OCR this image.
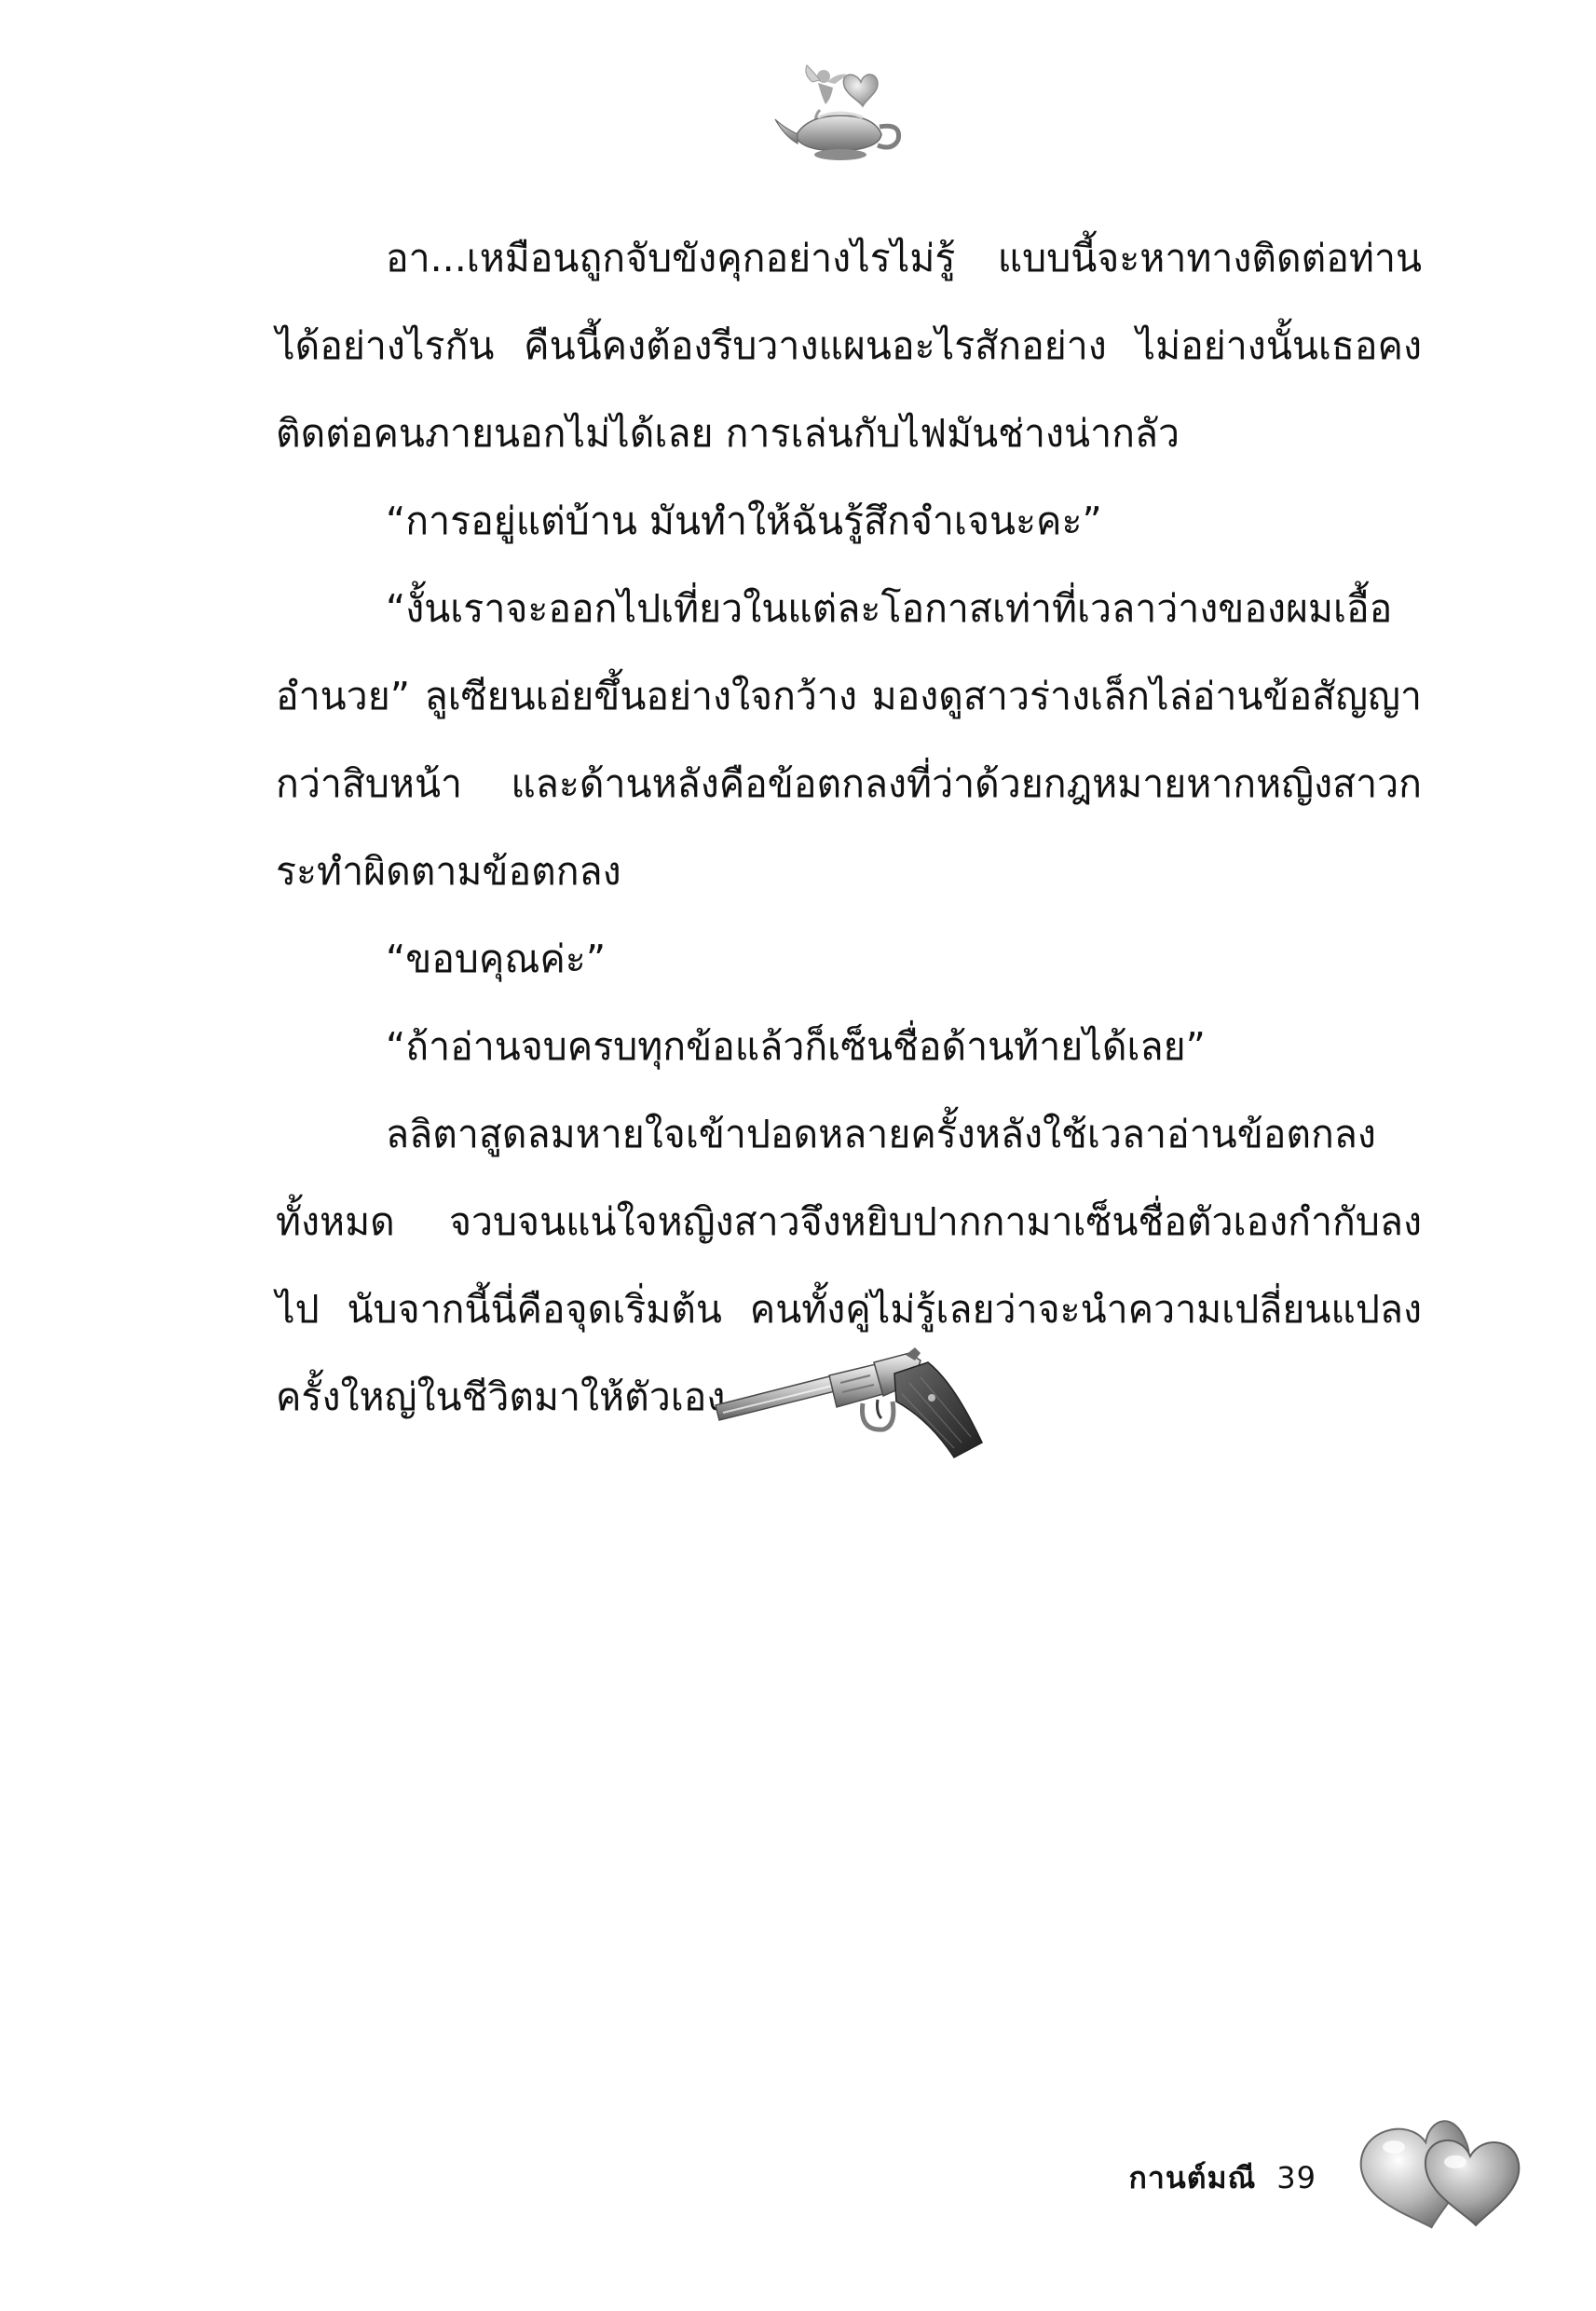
อา...เหมือนถูกจับขังคุกอย่างไรไม่รู้ แบบนี้จะหาทางติดต่อท่านได้อย่างไรกัน คืนนี้คงต้องรีบวางแผนอะไรสักอย่าง ไม่อย่างนั้นเธอคงติดต่อคนภายนอกไม่ได้เลย การเล่นกับไฟมันช่างน่ากลัว

“การอยู่แต่บ้าน มันทำให้ฉันรู้สึกจำเจนะคะ”

“งั้นเราจะออกไปเที่ยวในแต่ละโอกาสเท่าที่เวลาว่างของผมเอื้ออำนวย” ลูเซียนเอ่ยขึ้นอย่างใจกว้าง มองดูสาวร่างเล็กไล่อ่านข้อสัญญากว่าสิบหน้า และด้านหลังคือข้อตกลงที่ว่าด้วยกฎหมายหากหญิงสาวกระทำผิดตามข้อตกลง

“ขอบคุณค่ะ”

“ถ้าอ่านจบครบทุกข้อแล้วก็เซ็นชื่อด้านท้ายได้เลย”

ลลิตาสูดลมหายใจเข้าปอดหลายครั้งหลังใช้เวลาอ่านข้อตกลงทั้งหมด จวบจนแน่ใจหญิงสาวจึงหยิบปากกามาเซ็นชื่อตัวเองกำกับลงไป นับจากนี้นี่คือจุดเริ่มต้น คนทั้งคู่ไม่รู้เลยว่าจะนำความเปลี่ยนแปลงครั้งใหญ่ในชีวิตมาให้ตัวเอง

กานต์มณี 39
